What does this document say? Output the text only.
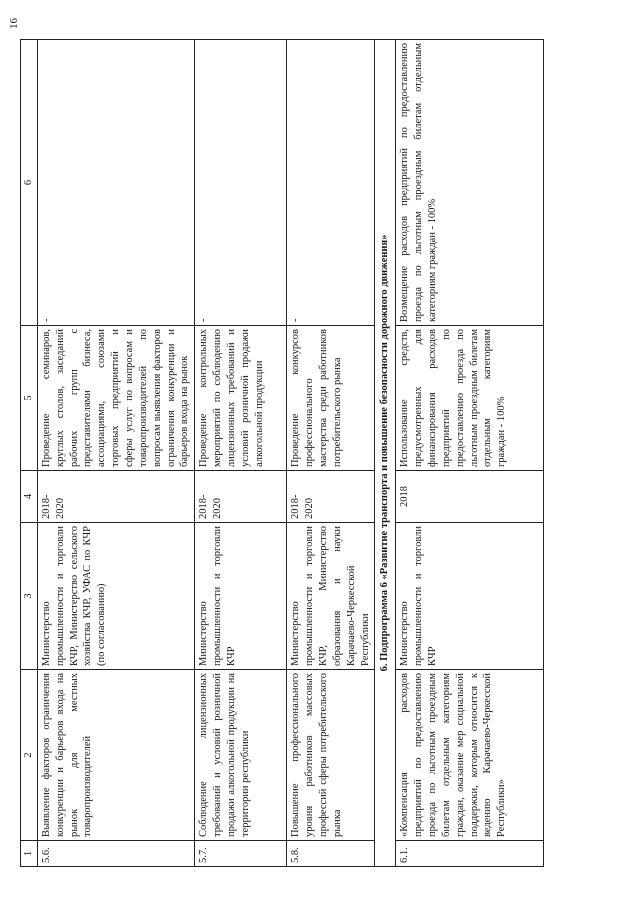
16
1	2	3	4	5	6
5.6.	Выявление факторов ограничения конкуренции и барьеров входа на рынок для местных товаропроизводителей	Министерство промышленности и торговли КЧР, Министерство сельского хозяйства КЧР, УФАС по КЧР (по согласованию)	2018-2020	Проведение семинаров, круглых столов, заседаний рабочих групп с представителями бизнеса, ассоциациями, союзами торговых предприятий и сферы услуг по вопросам и товаропроизводителей по вопросам выявления факторов ограничения конкуренции и барьеров входа на рынок	-
5.7.	Соблюдение лицензионных требований и условий розничной продажи алкогольной продукции на территории республики	Министерство промышленности и торговли КЧР	2018-2020	Проведение контрольных мероприятий по соблюдению лицензионных требований и условий розничной продажи алкогольной продукции	-
5.8.	Повышение профессионального уровня работников массовых профессий сферы потребительского рынка	Министерство промышленности и торговли КЧР, Министерство образования и науки Карачаево-Черкесской Республики	2018-2020	Проведение конкурсов профессионального мастерства среди работников потребительского рынка	-
6. Подпрограмма 6 «Развитие транспорта и повышение безопасности дорожного движения»					
6.1.	«Компенсация расходов предприятий по предоставлению проезда по льготным проездным билетам отдельным категориям граждан, оказание мер социальной поддержки, которым относится к ведению Карачаево-Черкесской Республики»	Министерство промышленности и торговли КЧР	2018	Использование средств, предусмотренных для финансирования расходов предприятий по предоставлению проезда по льготным проездным билетам отдельным категориям граждан - 100%	Возмещение расходов предприятий по предоставлению проезда по льготным проездным билетам отдельным категориям граждан - 100%
